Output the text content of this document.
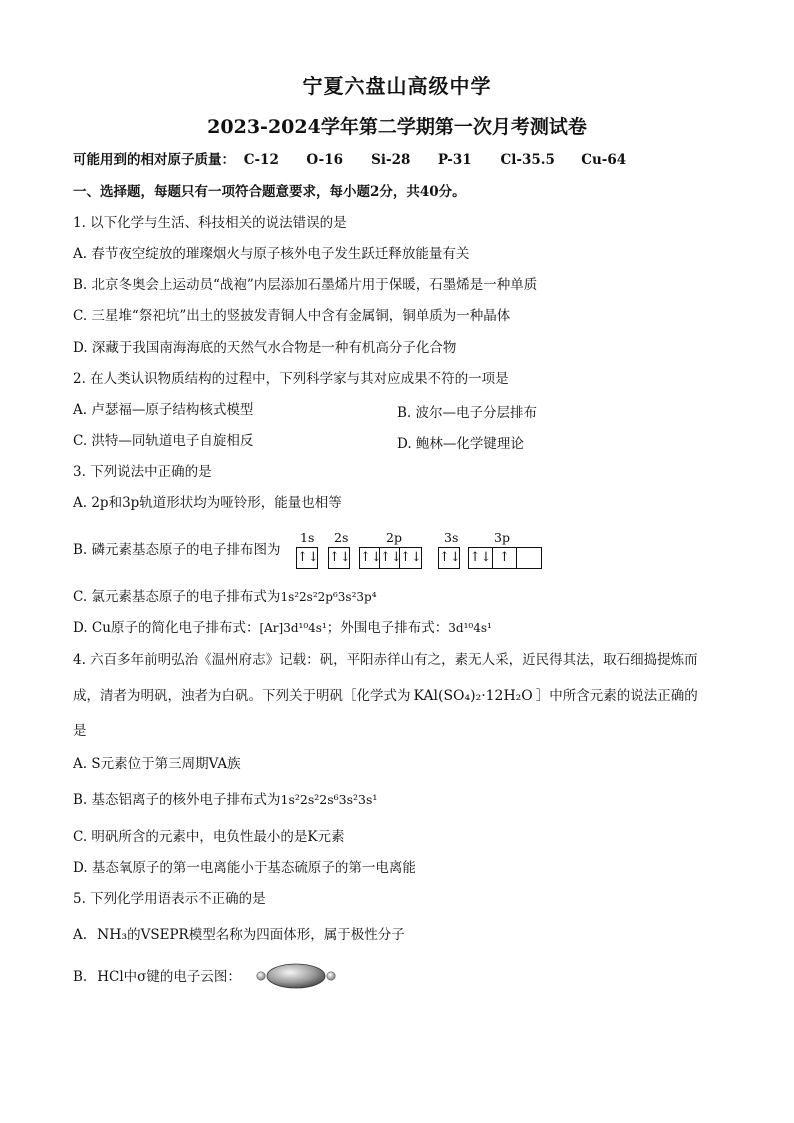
宁夏六盘山高级中学
2023-2024学年第二学期第一次月考测试卷
可能用到的相对原子质量： C-12 O-16 Si-28 P-31 Cl-35.5 Cu-64
一、选择题，每题只有一项符合题意要求，每小题2分，共40分。
1. 以下化学与生活、科技相关的说法错误的是
A. 春节夜空绽放的璀璨烟火与原子核外电子发生跃迁释放能量有关
B. 北京冬奥会上运动员“战袍”内层添加石墨烯片用于保暖，石墨烯是一种单质
C. 三星堆“祭祀坑”出土的竖披发青铜人中含有金属铜，铜单质为一种晶体
D. 深藏于我国南海海底的天然气水合物是一种有机高分子化合物
2. 在人类认识物质结构的过程中，下列科学家与其对应成果不符的一项是
A. 卢瑟福—原子结构核式模型	B. 波尔—电子分层排布
C. 洪特—同轨道电子自旋相反	D. 鲍林—化学键理论
3. 下列说法中正确的是
A. 2p和3p轨道形状均为哑铃形，能量也相等
B. 磷元素基态原子的电子排布图为
1s 2s	2p	3s	3p
↑↓ ↑↓ ↑↓
↑↓
↑↓ ↑↓ ↑↓ ↑
C. 氯元素基态原子的电子排布式为1s²2s²2p⁶3s²3p⁴
D. Cu原子的简化电子排布式：[Ar]3d¹⁰4s¹；外围电子排布式：3d¹⁰4s¹
4. 六百多年前明弘治《温州府志》记载：矾，平阳赤徉山有之，素无人采，近民得其法，取石细捣提炼而
成，清者为明矾，浊者为白矾。下列关于明矾［化学式为 KAl(SO₄)₂·12H₂O ］中所含元素的说法正确的
是
A. S元素位于第三周期VA族
B. 基态铝离子的核外电子排布式为1s²2s²2s⁶3s²3s¹
C. 明矾所含的元素中，电负性最小的是K元素
D. 基态氧原子的第一电离能小于基态硫原子的第一电离能
5. 下列化学用语表示不正确的是
A. NH₃的VSEPR模型名称为四面体形，属于极性分子
B. HCl中σ键的电子云图：
